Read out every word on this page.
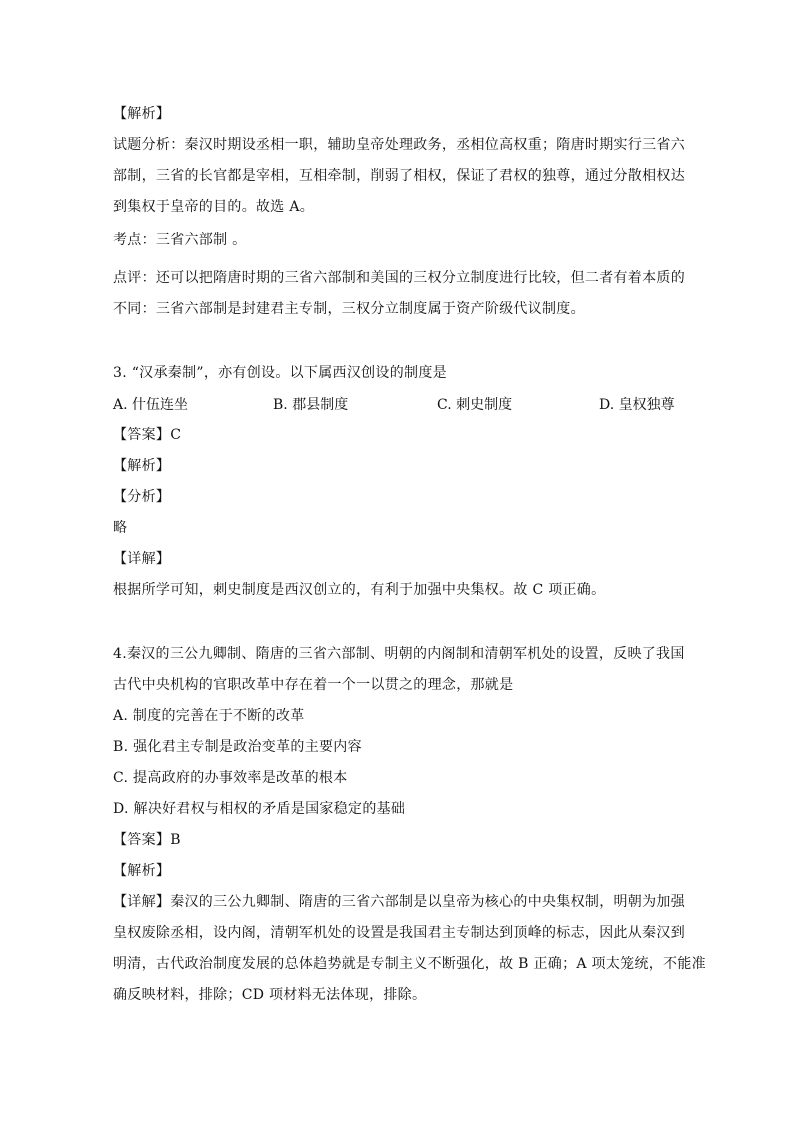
【解析】
试题分析：秦汉时期设丞相一职，辅助皇帝处理政务，丞相位高权重；隋唐时期实行三省六
部制，三省的长官都是宰相，互相牵制，削弱了相权，保证了君权的独尊，通过分散相权达
到集权于皇帝的目的。故选 A。
考点：三省六部制 。
点评：还可以把隋唐时期的三省六部制和美国的三权分立制度进行比较，但二者有着本质的
不同：三省六部制是封建君主专制，三权分立制度属于资产阶级代议制度。
3. “汉承秦制”，亦有创设。以下属西汉创设的制度是
A. 什伍连坐	B. 郡县制度	C. 刺史制度	D. 皇权独尊
【答案】C
【解析】
【分析】
略
【详解】
根据所学可知，刺史制度是西汉创立的，有利于加强中央集权。故 C 项正确。
4.秦汉的三公九卿制、隋唐的三省六部制、明朝的内阁制和清朝军机处的设置，反映了我国
古代中央机构的官职改革中存在着一个一以贯之的理念，那就是
A. 制度的完善在于不断的改革
B. 强化君主专制是政治变革的主要内容
C. 提高政府的办事效率是改革的根本
D. 解决好君权与相权的矛盾是国家稳定的基础
【答案】B
【解析】
【详解】秦汉的三公九卿制、隋唐的三省六部制是以皇帝为核心的中央集权制，明朝为加强
皇权废除丞相，设内阁，清朝军机处的设置是我国君主专制达到顶峰的标志，因此从秦汉到
明清，古代政治制度发展的总体趋势就是专制主义不断强化，故 B 正确；A 项太笼统，不能准
确反映材料，排除；CD 项材料无法体现，排除。
